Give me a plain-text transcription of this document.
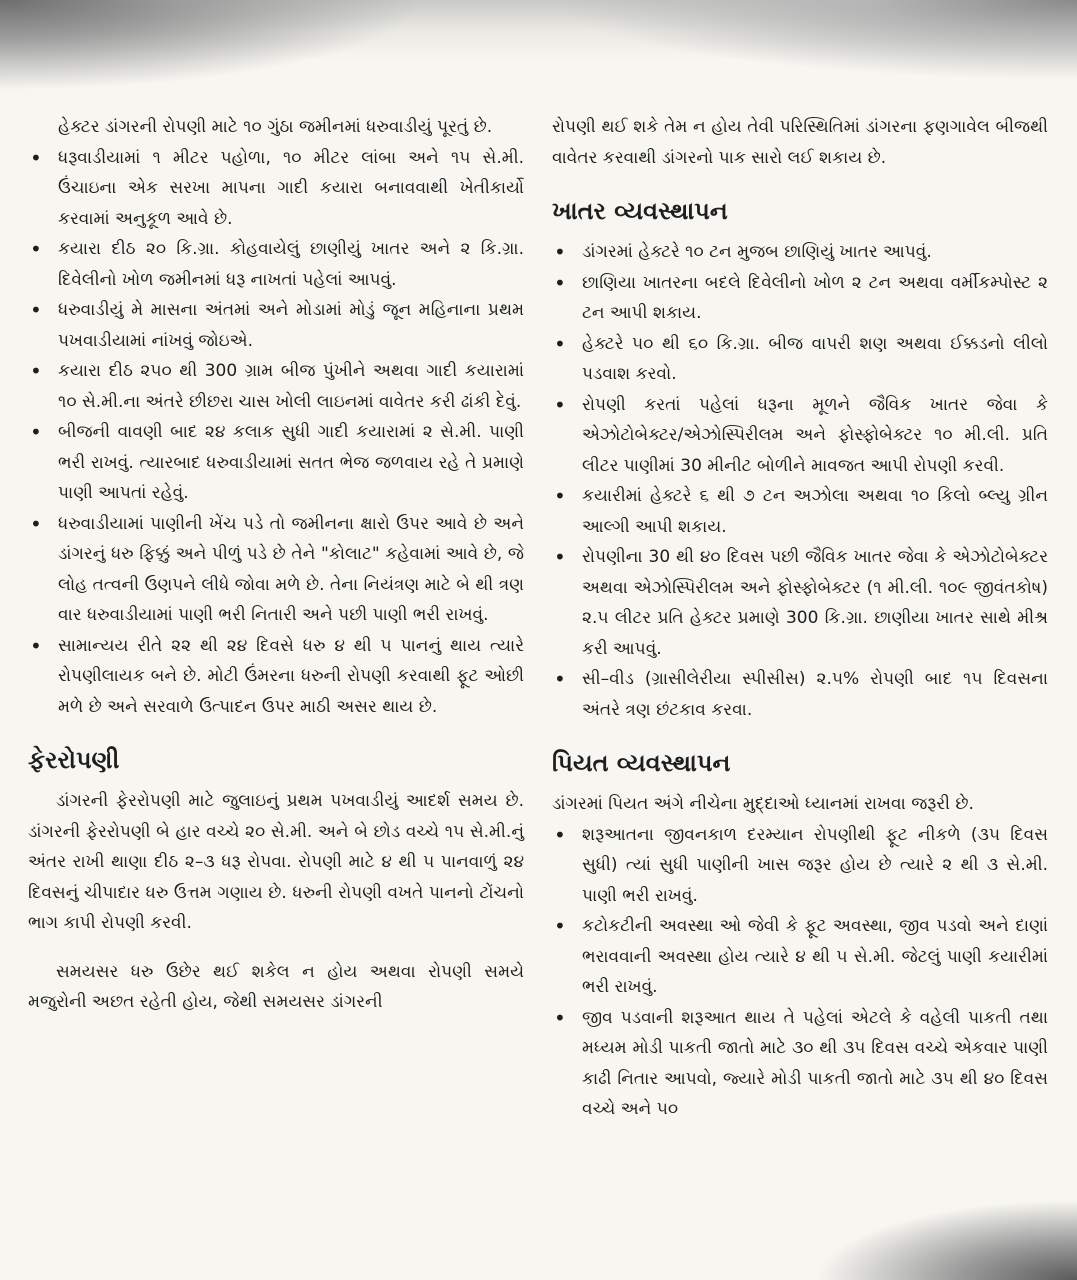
હેક્ટર ડાંગરની રોપણી માટે ૧૦ ગુંઠા જમીનમાં ધરુવાડીયું પૂરતું છે.

• ધરૂવાડીયામાં ૧ મીટર પહોળા, ૧૦ મીટર લાંબા અને ૧૫ સે.મી. ઉંચાઇના એક સરખા માપના ગાદી કયારા બનાવવાથી ખેતીકાર્યો કરવામાં અનુકૂળ આવે છે.
• કયારા દીઠ ૨૦ કિ.ગ્રા. કોહવાયેલું છાણીયું ખાતર અને ૨ કિ.ગ્રા. દિવેલીનો ખોળ જમીનમાં ધરૂ નાખતાં પહેલાં આપવું.
• ધરુવાડીયું મે માસના અંતમાં અને મોડામાં મોડું જૂન મહિનાના પ્રથમ પખવાડીયામાં નાંખવું જોઇએ.
• કયારા દીઠ ૨૫૦ થી 300 ગ્રામ બીજ પુંખીને અથવા ગાદી કયારામાં ૧૦ સે.મી.ના અંતરે છીછરા ચાસ ખોલી લાઇનમાં વાવેતર કરી ઢાંકી દેવું.
• બીજની વાવણી બાદ ૨૪ કલાક સુધી ગાદી કયારામાં ૨ સે.મી. પાણી ભરી રાખવું. ત્યારબાદ ધરુવાડીયામાં સતત ભેજ જળવાય રહે તે પ્રમાણે પાણી આપતાં રહેવું.
• ધરુવાડીયામાં પાણીની ખેંચ પડે તો જમીનના ક્ષારો ઉપર આવે છે અને ડાંગરનું ધરુ ફિક્કું અને પીળું પડે છે તેને "કોલાટ" કહેવામાં આવે છે, જે લોહ તત્વની ઉણપને લીધે જોવા મળે છે. તેના નિયંત્રણ માટે બે થી ત્રણ વાર ધરુવાડીયામાં પાણી ભરી નિતારી અને પછી પાણી ભરી રાખવું.
• સામાન્યય રીતે ૨૨ થી ૨૪ દિવસે ધરુ ૪ થી ૫ પાનનું થાય ત્યારે રોપણીલાયક બને છે. મોટી ઉંમરના ધરુની રોપણી કરવાથી ફૂટ ઓછી મળે છે અને સરવાળે ઉત્પાદન ઉપર માઠી અસર થાય છે.
ફેરરોપણી

ડાંગરની ફેરરોપણી માટે જુલાઇનું પ્રથમ પખવાડીયું આદર્શ સમય છે. ડાંગરની ફેરરોપણી બે હાર વચ્ચે ૨૦ સે.મી. અને બે છોડ વચ્ચે ૧૫ સે.મી.નું અંતર રાખી થાણા દીઠ ૨–૩ ધરૂ રોપવા. રોપણી માટે ૪ થી ૫ પાનવાળું ૨૪ દિવસનું ચીપાદાર ધરુ ઉત્તમ ગણાય છે. ધરુની રોપણી વખતે પાનનો ટોંચનો ભાગ કાપી રોપણી કરવી.

સમયસર ધરુ ઉછેર થઈ શકેલ ન હોય અથવા રોપણી સમયે મજુરોની અછત રહેતી હોય, જેથી સમયસર ડાંગરની

રોપણી થઈ શકે તેમ ન હોય તેવી પરિસ્થિતિમાં ડાંગરના ફણગાવેલ બીજથી વાવેતર કરવાથી ડાંગરનો પાક સારો લઈ શકાય છે.

ખાતર વ્યવસ્થાપન
• ડાંગરમાં હેક્ટરે ૧૦ ટન મુજબ છાણિયું ખાતર આપવું.
• છાણિયા ખાતરના બદલે દિવેલીનો ખોળ ૨ ટન અથવા વર્મીકમ્પોસ્ટ ૨ ટન આપી શકાય.
• હેક્ટરે ૫૦ થી ૬૦ કિ.ગ્રા. બીજ વાપરી શણ અથવા ઈક્કડનો લીલો પડવાશ કરવો.
• રોપણી કરતાં પહેલાં ધરૂના મૂળને જૈવિક ખાતર જેવા કે એઝોટોબેક્ટર/એઝોસ્પિરીલમ અને ફોસ્ફોબેક્ટર ૧૦ મી.લી. પ્રતિ લીટર પાણીમાં 30 મીનીટ બોળીને માવજત આપી રોપણી કરવી.
• કયારીમાં હેક્ટરે ૬ થી ૭ ટન અઝોલા અથવા ૧૦ કિલો બ્લ્યુ ગ્રીન આલ્ગી આપી શકાય.
• રોપણીના 30 થી ૪૦ દિવસ પછી જૈવિક ખાતર જેવા કે એઝોટોબેક્ટર અથવા એઝોસ્પિરીલમ અને ફોસ્ફોબેક્ટર (૧ મી.લી. ૧૦૯ જીવંતકોષ) ૨.૫ લીટર પ્રતિ હેક્ટર પ્રમાણે 300 કિ.ગ્રા. છાણીયા ખાતર સાથે મીશ્ર કરી આપવું.
• સી–વીડ (ગ્રાસીલેરીયા સ્પીસીસ) ૨.૫% રોપણી બાદ ૧૫ દિવસના અંતરે ત્રણ છંટકાવ કરવા.
પિયત વ્યવસ્થાપન

ડાંગરમાં પિયત અંગે નીચેના મુદ્દાઓ ધ્યાનમાં રાખવા જરૂરી છે.

• શરૂઆતના જીવનકાળ દરમ્યાન રોપણીથી ફૂટ નીકળે (૩૫ દિવસ સુધી) ત્યાં સુધી પાણીની ખાસ જરૂર હોય છે ત્યારે ૨ થી ૩ સે.મી. પાણી ભરી રાખવું.
• કટોકટીની અવસ્થા ઓ જેવી કે ફૂટ અવસ્થા, જીવ પડવો અને દાણાં ભરાવવાની અવસ્થા હોય ત્યારે ૪ થી ૫ સે.મી. જેટલું પાણી કયારીમાં ભરી રાખવું.
• જીવ પડવાની શરૂઆત થાય તે પહેલાં એટલે કે વહેલી પાકતી તથા મધ્યમ મોડી પાકતી જાતો માટે ૩૦ થી ૩૫ દિવસ વચ્ચે એકવાર પાણી કાઢી નિતાર આપવો, જ્યારે મોડી પાકતી જાતો માટે ૩૫ થી ૪૦ દિવસ વચ્ચે અને ૫૦
